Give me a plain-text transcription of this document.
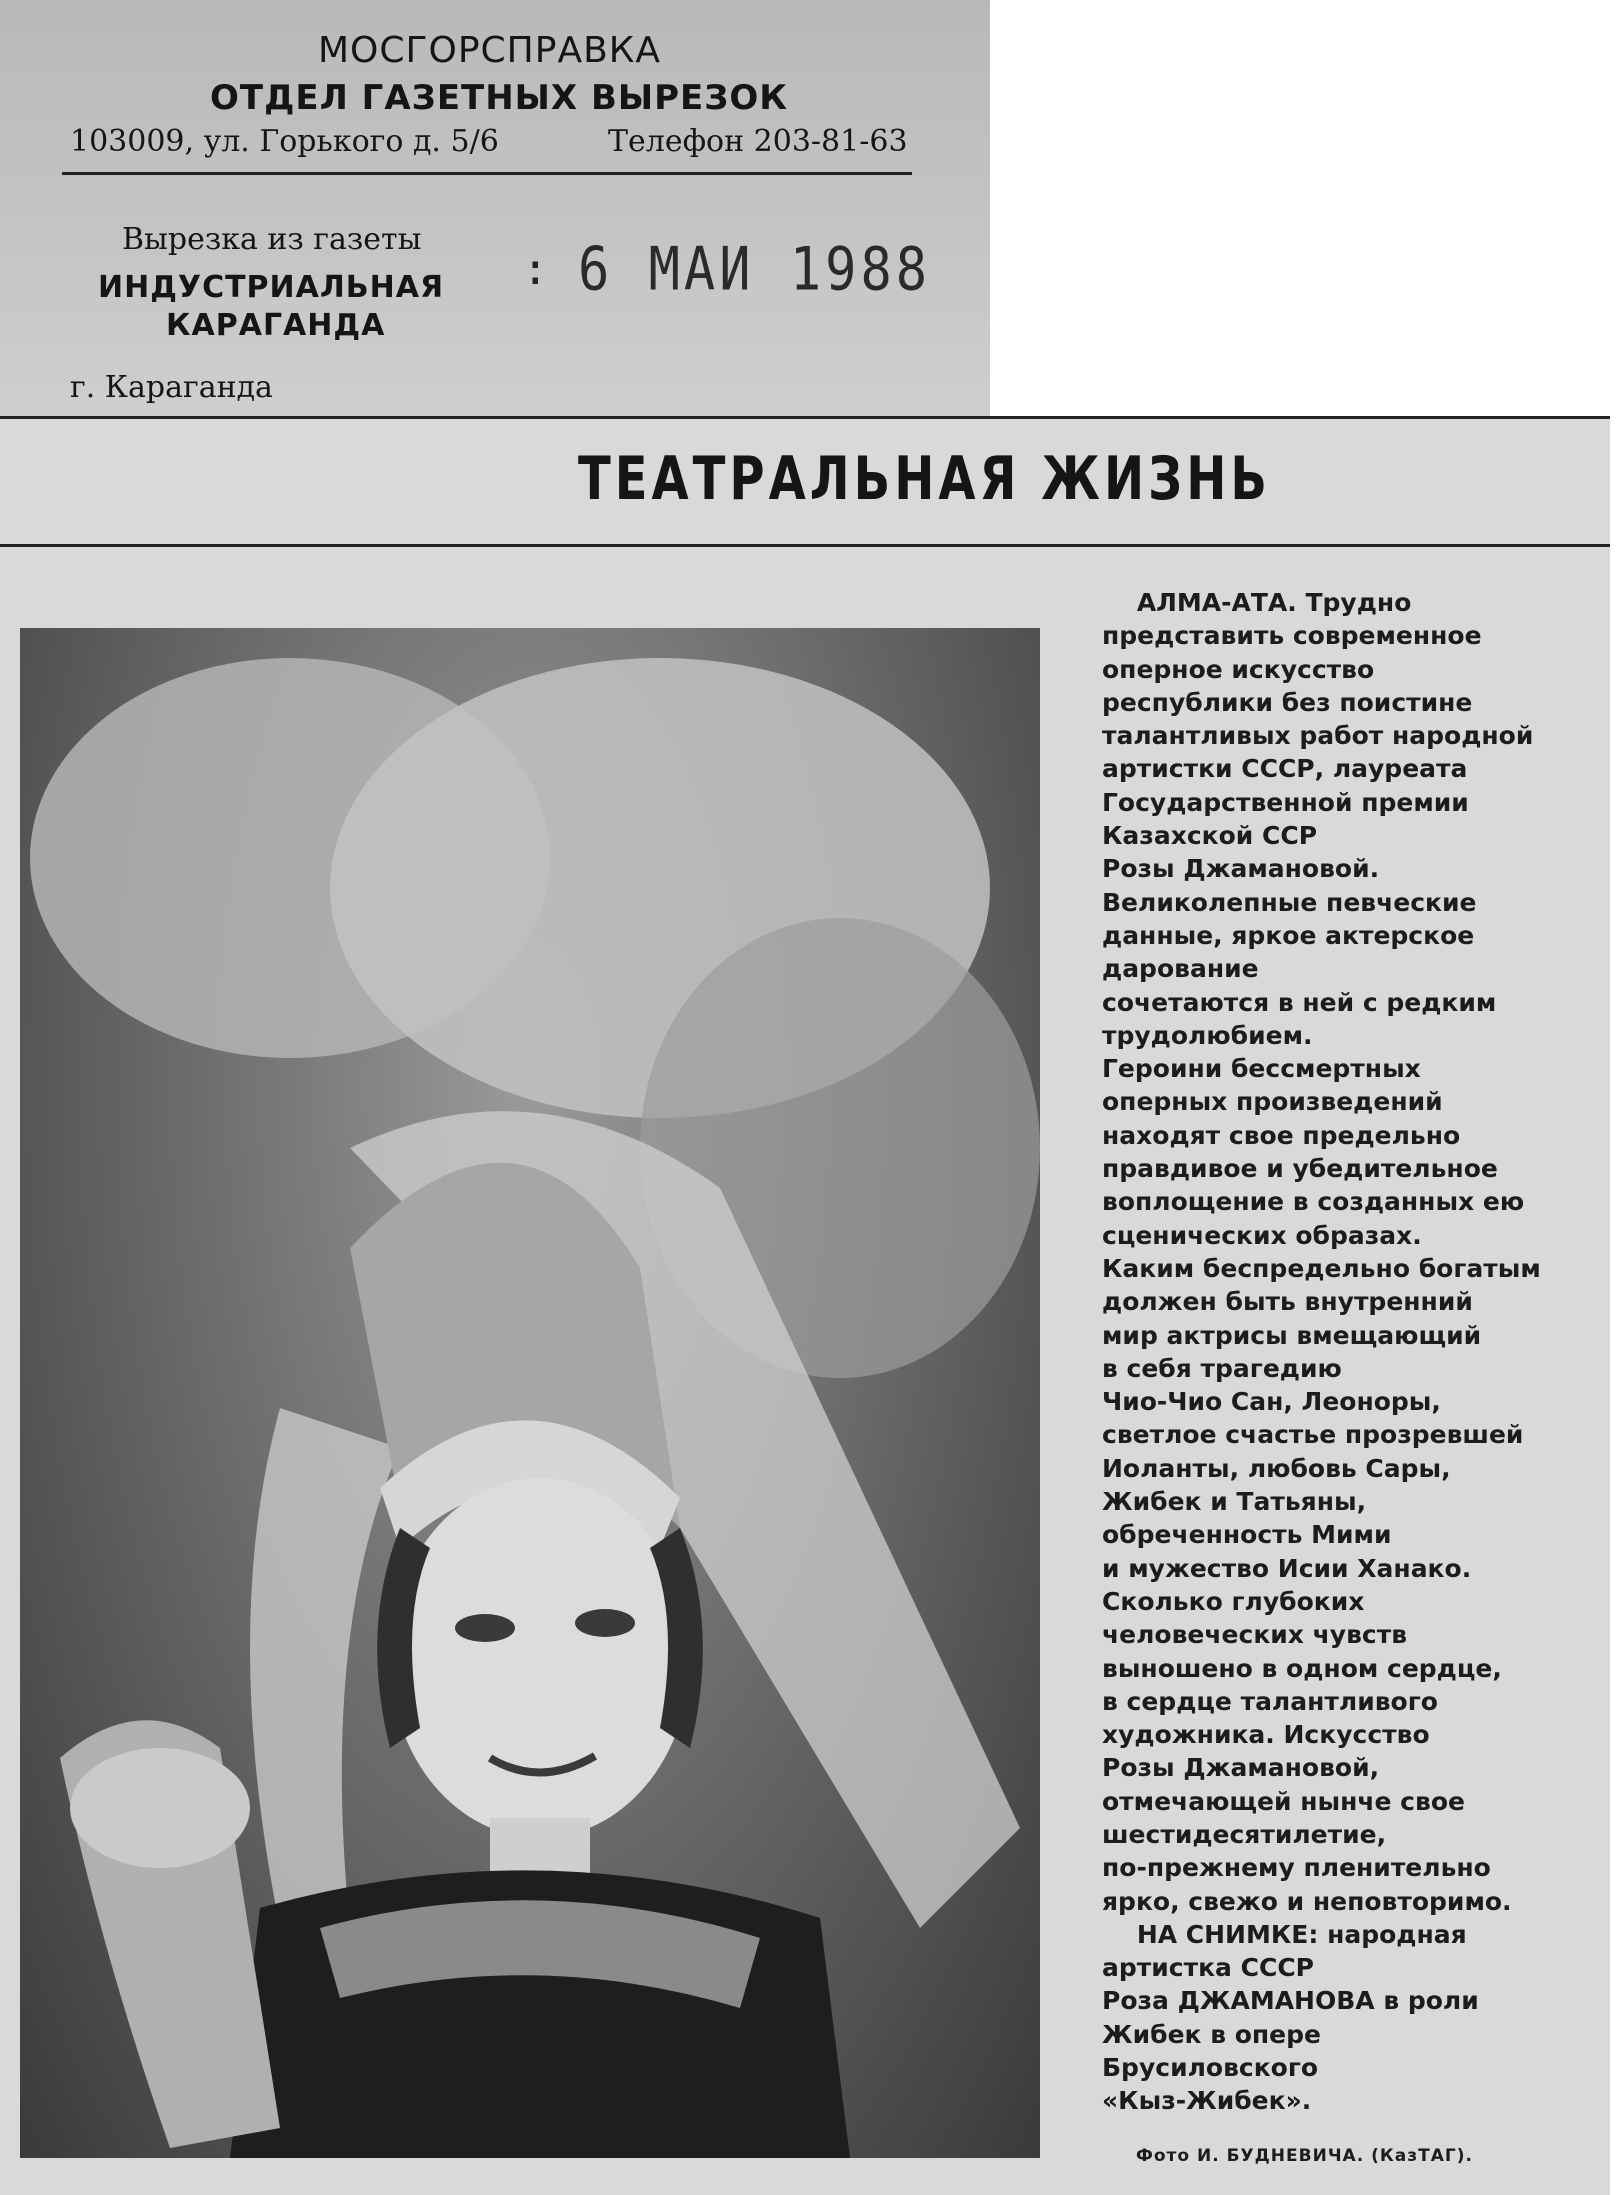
МОСГОРСПРАВКА
ОТДЕЛ ГАЗЕТНЫХ ВЫРЕЗОК
103009, ул. Горького д. 5/6	Телефон 203-81-63
Вырезка из газеты
ИНДУСТРИАЛЬНАЯ
КАРАГАНДА
г. Караганда
: 6 МАИ 1988
ТЕАТРАЛЬНАЯ ЖИЗНЬ
АЛМА-АТА. Трудно
представить современное
оперное искусство
республики без поистине
талантливых работ народной
артистки СССР, лауреата
Государственной премии
Казахской ССР
Розы Джамановой.
Великолепные певческие
данные, яркое актерское
дарование
сочетаются в ней с редким
трудолюбием.
Героини бессмертных
оперных произведений
находят свое предельно
правдивое и убедительное
воплощение в созданных ею
сценических образах.
Каким беспредельно богатым
должен быть внутренний
мир актрисы вмещающий
в себя трагедию
Чио-Чио Сан, Леоноры,
светлое счастье прозревшей
Иоланты, любовь Сары,
Жибек и Татьяны,
обреченность Мими
и мужество Исии Ханако.
Сколько глубоких
человеческих чувств
выношено в одном сердце,
в сердце талантливого
художника. Искусство
Розы Джамановой,
отмечающей нынче свое
шестидесятилетие,
по-прежнему пленительно
ярко, свежо и неповторимо.
НА СНИМКЕ: народная
артистка СССР
Роза ДЖАМАНОВА в роли
Жибек в опере
Брусиловского
«Кыз-Жибек».
Фото И. БУДНЕВИЧА. (КазТАГ).
